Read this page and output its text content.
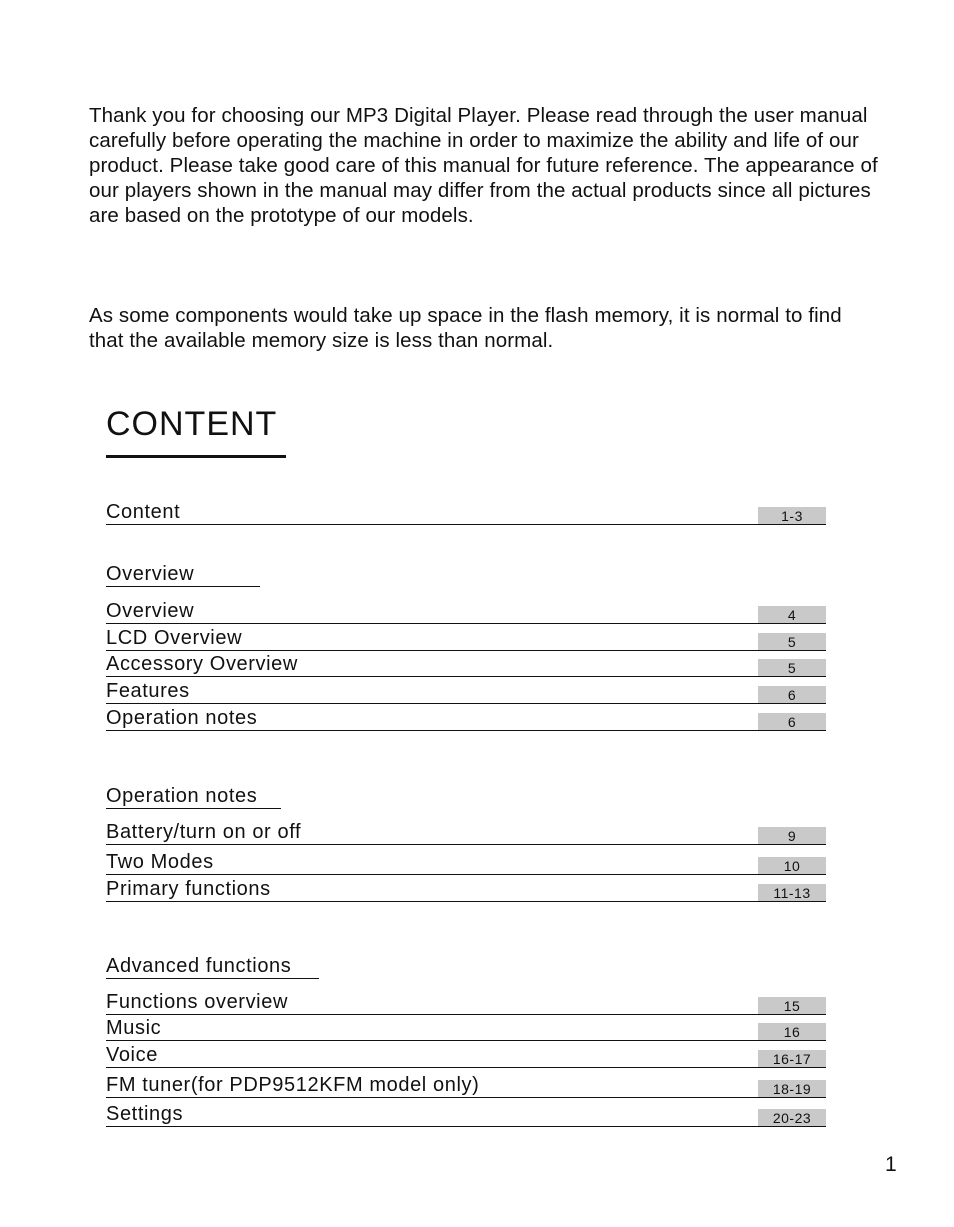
Thank you for choosing our MP3 Digital Player. Please read through the user manual carefully before operating the machine in order to maximize the ability and life of our product. Please take good care of this manual for future reference. The appearance of our players shown in the manual may differ from the actual products since all pictures are based on the prototype of our models.

As some components would take up space in the flash memory, it is normal to find that the available memory size is less than normal.

CONTENT
Content	1-3
Overview
Overview	4
LCD Overview	5
Accessory Overview	5
Features	6
Operation notes	6
Operation notes
Battery/turn on or off	9
Two Modes	10
Primary functions	11-13
Advanced functions
Functions overview	15
Music	16
Voice	16-17
FM tuner(for PDP9512KFM model only)	18-19
Settings	20-23
1
